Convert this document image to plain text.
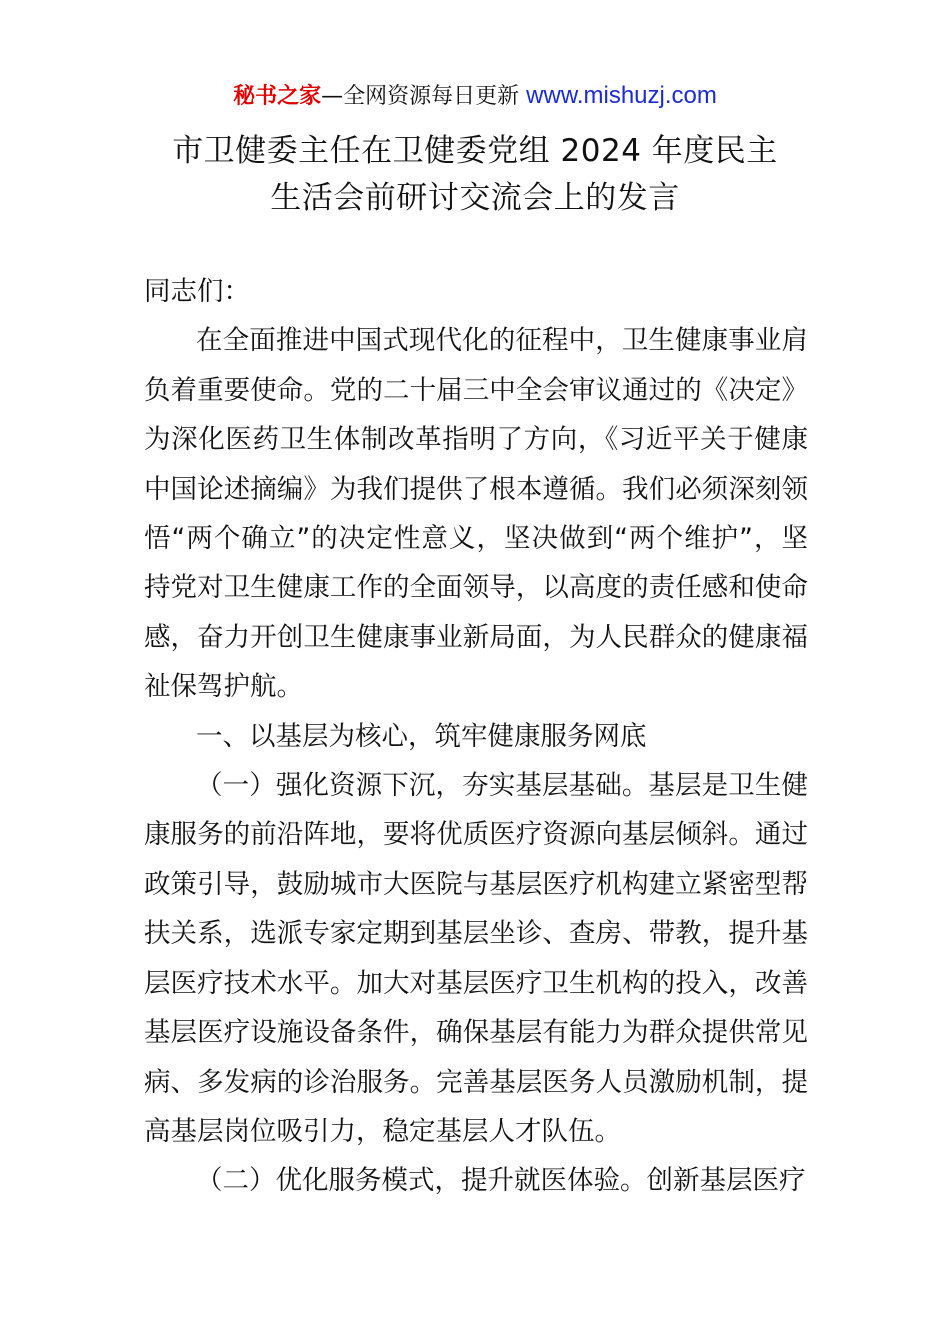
秘书之家—全网资源每日更新 www.mishuzj.com
市卫健委主任在卫健委党组 2024 年度民主
生活会前研讨交流会上的发言

同志们：

在全面推进中国式现代化的征程中，卫生健康事业肩负着重要使命。党的二十届三中全会审议通过的《决定》为深化医药卫生体制改革指明了方向，《习近平关于健康中国论述摘编》为我们提供了根本遵循。我们必须深刻领悟“两个确立”的决定性意义，坚决做到“两个维护”，坚持党对卫生健康工作的全面领导，以高度的责任感和使命感，奋力开创卫生健康事业新局面，为人民群众的健康福祉保驾护航。

一、以基层为核心，筑牢健康服务网底

（一）强化资源下沉，夯实基层基础。基层是卫生健康服务的前沿阵地，要将优质医疗资源向基层倾斜。通过政策引导，鼓励城市大医院与基层医疗机构建立紧密型帮扶关系，选派专家定期到基层坐诊、查房、带教，提升基层医疗技术水平。加大对基层医疗卫生机构的投入，改善基层医疗设施设备条件，确保基层有能力为群众提供常见病、多发病的诊治服务。完善基层医务人员激励机制，提高基层岗位吸引力，稳定基层人才队伍。

（二）优化服务模式，提升就医体验。创新基层医疗
